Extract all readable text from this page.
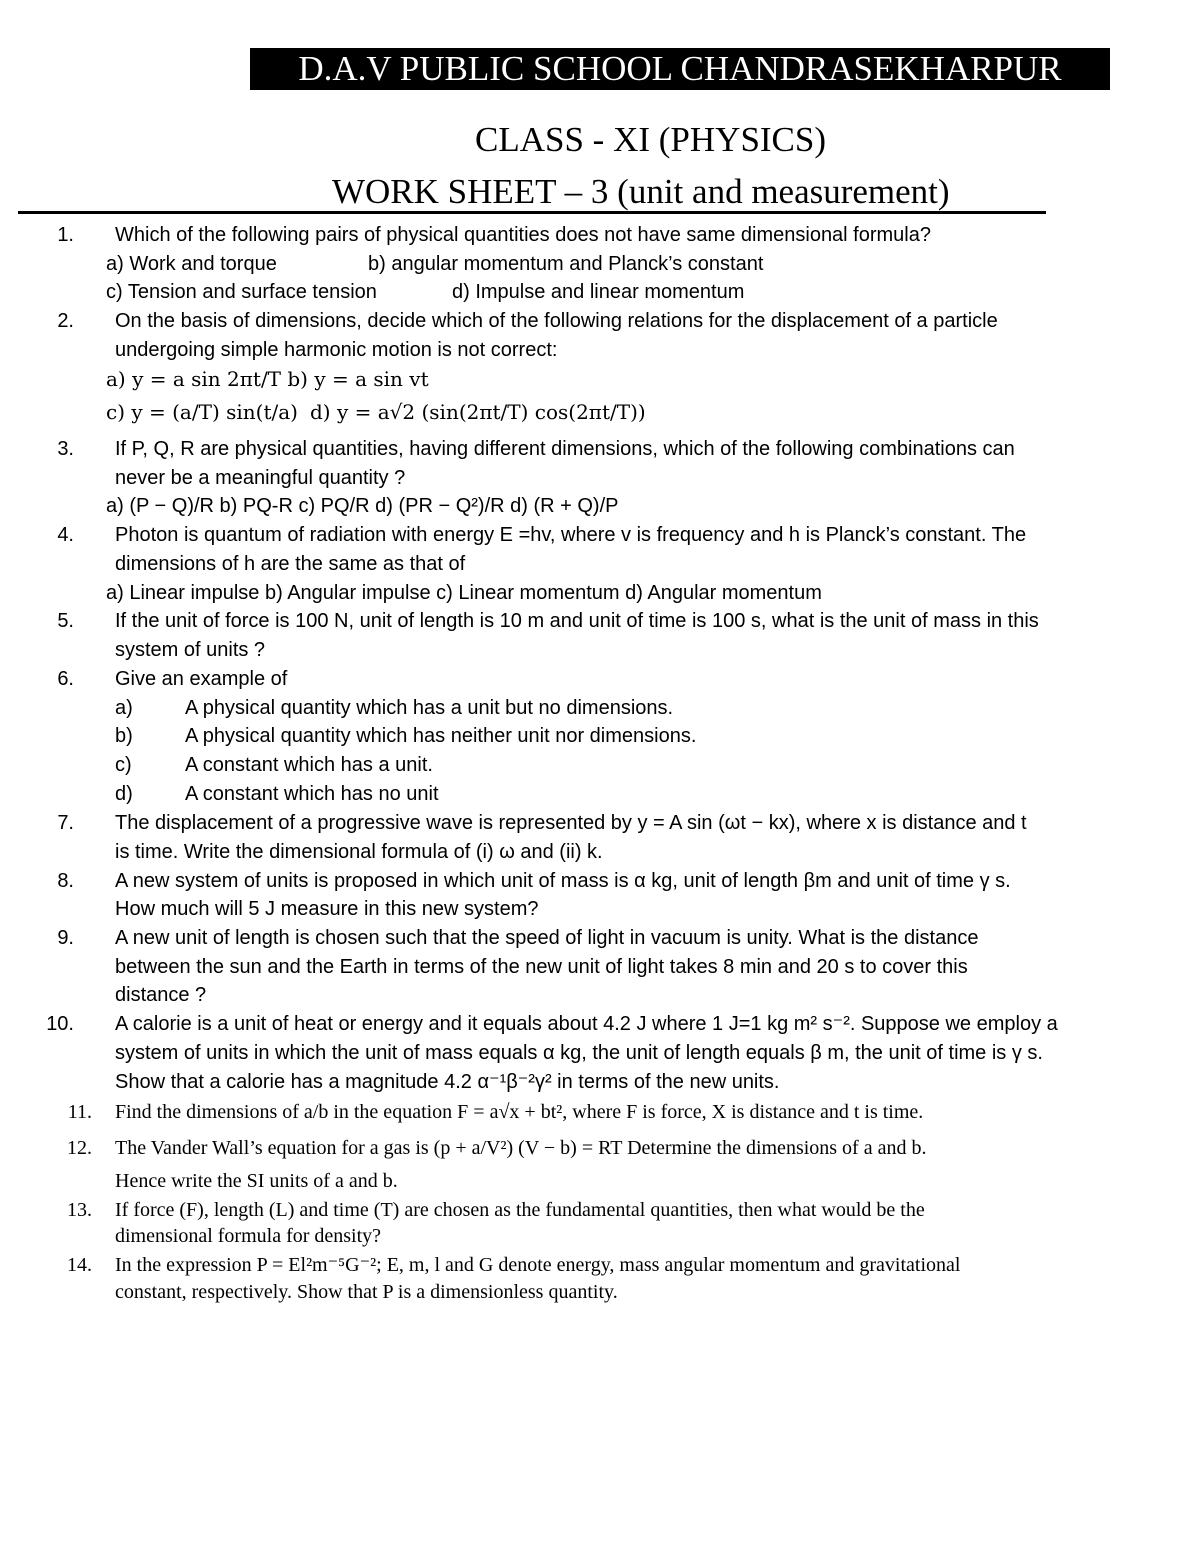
D.A.V PUBLIC SCHOOL CHANDRASEKHARPUR
CLASS - XI (PHYSICS)
WORK SHEET – 3 (unit and measurement)
1. Which of the following pairs of physical quantities does not have same dimensional formula?
a) Work and torque	b) angular momentum and Planck’s constant
c) Tension and surface tension	d) Impulse and linear momentum
2. On the basis of dimensions, decide which of the following relations for the displacement of a particle
undergoing simple harmonic motion is not correct:
a) y = a sin 2πt/T b) y = a sin vt
c) y = (a/T) sin(t/a) d) y = a√2 (sin(2πt/T) cos(2πt/T))
3. If P, Q, R are physical quantities, having different dimensions, which of the following combinations can
never be a meaningful quantity ?
a) (P − Q)/R b) PQ-R c) PQ/R d) (PR − Q²)/R d) (R + Q)/P
4. Photon is quantum of radiation with energy E =hv, where v is frequency and h is Planck’s constant. The
dimensions of h are the same as that of
a) Linear impulse b) Angular impulse c) Linear momentum d) Angular momentum
5. If the unit of force is 100 N, unit of length is 10 m and unit of time is 100 s, what is the unit of mass in this
system of units ?
6. Give an example of
a)	A physical quantity which has a unit but no dimensions.
b)	A physical quantity which has neither unit nor dimensions.
c)	A constant which has a unit.
d)	A constant which has no unit
7. The displacement of a progressive wave is represented by y = A sin (ωt − kx), where x is distance and t
is time. Write the dimensional formula of (i) ω and (ii) k.
8. A new system of units is proposed in which unit of mass is α kg, unit of length βm and unit of time γ s.
How much will 5 J measure in this new system?
9. A new unit of length is chosen such that the speed of light in vacuum is unity. What is the distance
between the sun and the Earth in terms of the new unit of light takes 8 min and 20 s to cover this
distance ?
10. A calorie is a unit of heat or energy and it equals about 4.2 J where 1 J=1 kg m² s⁻². Suppose we employ a
system of units in which the unit of mass equals α kg, the unit of length equals β m, the unit of time is γ s.
Show that a calorie has a magnitude 4.2 α⁻¹β⁻²γ² in terms of the new units.
11. Find the dimensions of a/b in the equation F = a√x + bt², where F is force, X is distance and t is time.
12. The Vander Wall’s equation for a gas is (p + a/V²) (V − b) = RT Determine the dimensions of a and b.
Hence write the SI units of a and b.
13. If force (F), length (L) and time (T) are chosen as the fundamental quantities, then what would be the
dimensional formula for density?
14. In the expression P = El²m⁻⁵G⁻²; E, m, l and G denote energy, mass angular momentum and gravitational
constant, respectively. Show that P is a dimensionless quantity.
